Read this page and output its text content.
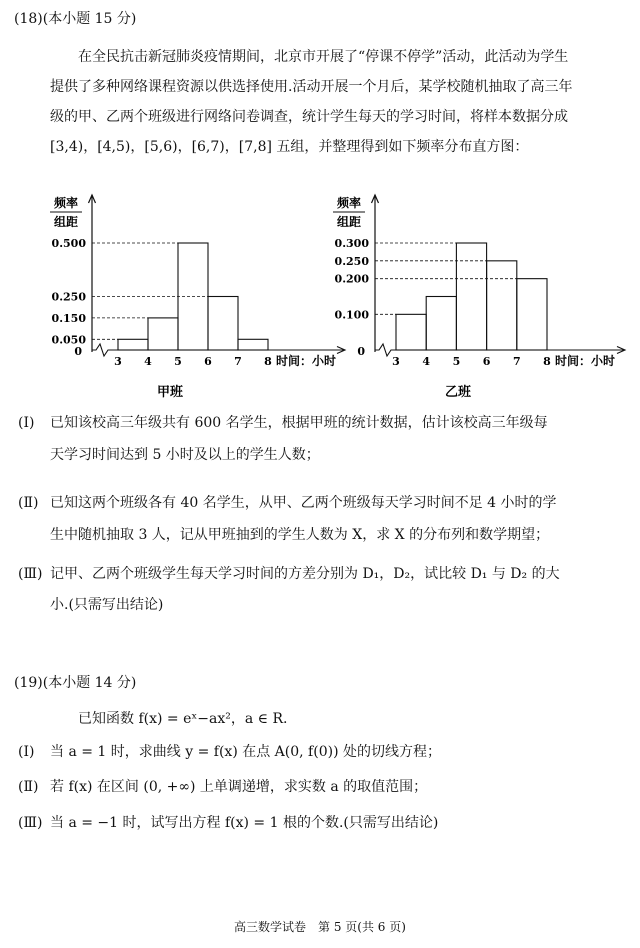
(18)(本小题 15 分)
在全民抗击新冠肺炎疫情期间，北京市开展了“停课不停学”活动，此活动为学生
提供了多种网络课程资源以供选择使用.活动开展一个月后，某学校随机抽取了高三年
级的甲、乙两个班级进行网络问卷调查，统计学生每天的学习时间，将样本数据分成
[3,4)，[4,5)，[5,6)，[6,7)，[7,8] 五组，并整理得到如下频率分布直方图：
频率
组距
0
0.500
0.250
0.150
0.050
3 4 5 6 7 8 时间：小时
甲班
频率
组距
0
0.300
0.250
0.200
0.100
3 4 5 6 7 8 时间：小时
乙班
(Ⅰ) 已知该校高三年级共有 600 名学生，根据甲班的统计数据，估计该校高三年级每
天学习时间达到 5 小时及以上的学生人数；
(Ⅱ) 已知这两个班级各有 40 名学生，从甲、乙两个班级每天学习时间不足 4 小时的学
生中随机抽取 3 人，记从甲班抽到的学生人数为 X，求 X 的分布列和数学期望；
(Ⅲ) 记甲、乙两个班级学生每天学习时间的方差分别为 D₁，D₂，试比较 D₁ 与 D₂ 的大
小.(只需写出结论)
(19)(本小题 14 分)
已知函数 f(x) = eˣ−ax²，a ∈ R.
(Ⅰ) 当 a = 1 时，求曲线 y = f(x) 在点 A(0, f(0)) 处的切线方程；
(Ⅱ) 若 f(x) 在区间 (0, +∞) 上单调递增，求实数 a 的取值范围；
(Ⅲ) 当 a = −1 时，试写出方程 f(x) = 1 根的个数.(只需写出结论)
高三数学试卷　第 5 页(共 6 页)
